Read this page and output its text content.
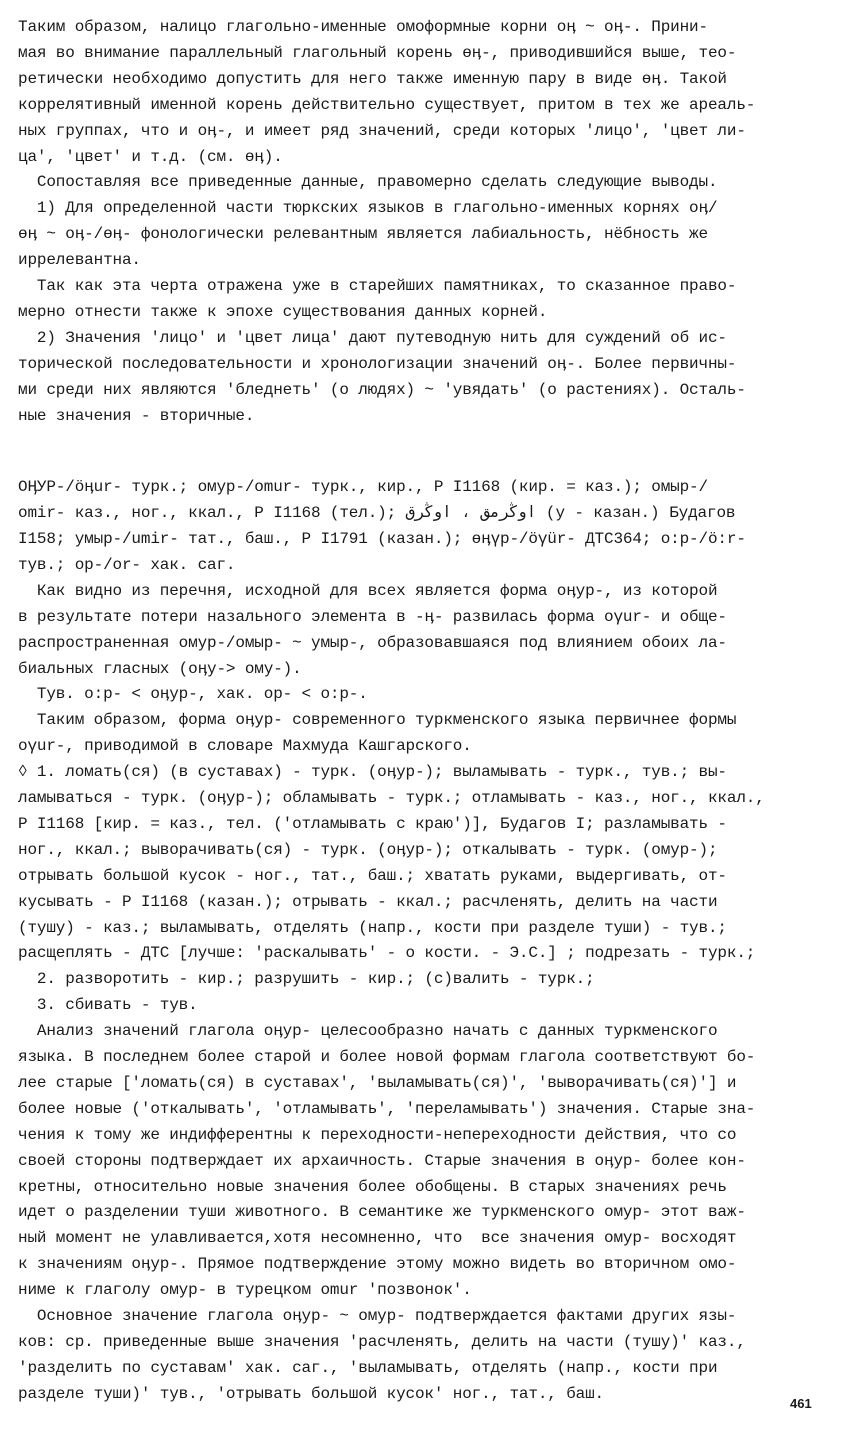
Таким образом, налицо глагольно-именные омоформные корни оӊ ~ оӊ-. Прини-
мая во внимание параллельный глагольный корень өӊ-, приводившийся выше, тео-
ретически необходимо допустить для него также именную пару в виде өӊ. Такой
коррелятивный именной корень действительно существует, притом в тех же ареаль-
ных группах, что и оӊ-, и имеет ряд значений, среди которых 'лицо', 'цвет ли-
ца', 'цвет' и т.д. (см. өӊ).
Сопоставляя все приведенные данные, правомерно сделать следующие выводы.
1) Для определенной части тюркских языков в глагольно-именных корнях оӊ/
өӊ ~ оӊ-/өӊ- фонологически релевантным является лабиальность, нёбность же
иррелевантна.
Так как эта черта отражена уже в старейших памятниках, то сказанное право-
мерно отнести также к эпохе существования данных корней.
2) Значения 'лицо' и 'цвет лица' дают путеводную нить для суждений об ис-
торической последовательности и хронологизации значений оӊ-. Более первичны-
ми среди них являются 'бледнеть' (о людях) ~ 'увядать' (о растениях). Осталь-
ные значения - вторичные.
ОӉУР-/öӊur- турк.; омур-/omur- турк., кир., Р I1168 (кир. = каз.); омыр-/
omir- каз., ног., ккал., Р I1168 (тел.); اوڭرمق ، اوڭرق (у - казан.) Будагов
I158; умыр-/umir- тат., баш., Р I1791 (казан.); өӊүр-/öγür- ДТС364; о:р-/ö:r-
тув.; ор-/or- хак. саг.
Как видно из перечня, исходной для всех является форма оӊур-, из которой
в результате потери назального элемента в -ӊ- развилась форма oγur- и обще-
распространенная омур-/омыр- ~ умыр-, образовавшаяся под влиянием обоих ла-
биальных гласных (оӊу-> ому-).
Тув. о:р- < оӊур-, хак. ор- < о:р-.
Таким образом, форма оӊур- современного туркменского языка первичнее формы
oγur-, приводимой в словаре Махмуда Кашгарского.
◊ 1. ломать(ся) (в суставах) - турк. (оӊур-); выламывать - турк., тув.; вы-
ламываться - турк. (оӊур-); обламывать - турк.; отламывать - каз., ног., ккал.,
Р I1168 [кир. = каз., тел. ('отламывать с краю')], Будагов I; разламывать -
ног., ккал.; выворачивать(ся) - турк. (оӊур-); откалывать - турк. (омур-);
отрывать большой кусок - ног., тат., баш.; хватать руками, выдергивать, от-
кусывать - Р I1168 (казан.); отрывать - ккал.; расчленять, делить на части
(тушу) - каз.; выламывать, отделять (напр., кости при разделе туши) - тув.;
расщеплять - ДТС [лучше: 'раскалывать' - о кости. - Э.С.] ; подрезать - турк.;
2. разворотить - кир.; разрушить - кир.; (с)валить - турк.;
3. сбивать - тув.
Анализ значений глагола оӊур- целесообразно начать с данных туркменского
языка. В последнем более старой и более новой формам глагола соответствуют бо-
лее старые ['ломать(ся) в суставах', 'выламывать(ся)', 'выворачивать(ся)'] и
более новые ('откалывать', 'отламывать', 'переламывать') значения. Старые зна-
чения к тому же индифферентны к переходности-непереходности действия, что со
своей стороны подтверждает их архаичность. Старые значения в оӊур- более кон-
кретны, относительно новые значения более обобщены. В старых значениях речь
идет о разделении туши животного. В семантике же туркменского омур- этот важ-
ный момент не улавливается,хотя несомненно, что  все значения омур- восходят
к значениям оӊур-. Прямое подтверждение этому можно видеть во вторичном омо-
ниме к глаголу омур- в турецком omur 'позвонок'.
Основное значение глагола оӊур- ~ омур- подтверждается фактами других язы-
ков: ср. приведенные выше значения 'расчленять, делить на части (тушу)' каз.,
'разделить по суставам' хак. саг., 'выламывать, отделять (напр., кости при
разделе туши)' тув., 'отрывать большой кусок' ног., тат., баш.
461
